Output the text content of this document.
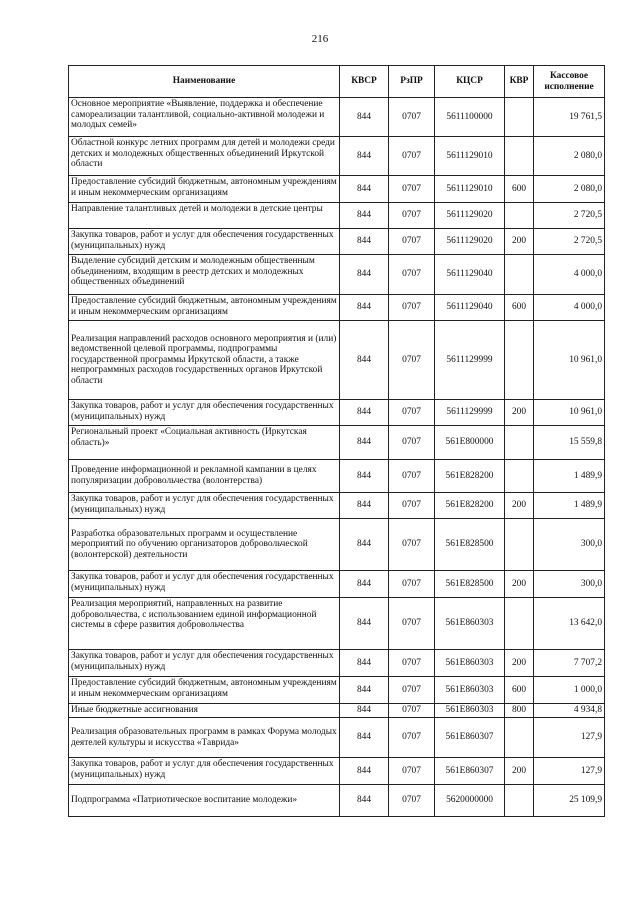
216
Наименование	КВСР	РзПР	КЦСР	КВР	Кассовое исполнение
Основное мероприятие «Выявление, поддержка и обеспечение самореализации талантливой, социально-активной молодежи и молодых семей»	844	0707	5611100000		19 761,5
Областной конкурс летних программ для детей и молодежи среди детских и молодежных общественных объединений Иркутской области	844	0707	5611129010		2 080,0
Предоставление субсидий бюджетным, автономным учреждениям и иным некоммерческим организациям	844	0707	5611129010	600	2 080,0
Направление талантливых детей и молодежи в детские центры	844	0707	5611129020		2 720,5
Закупка товаров, работ и услуг для обеспечения государственных (муниципальных) нужд	844	0707	5611129020	200	2 720,5
Выделение субсидий детским и молодежным общественным объединениям, входящим в реестр детских и молодежных общественных объединений	844	0707	5611129040		4 000,0
Предоставление субсидий бюджетным, автономным учреждениям и иным некоммерческим организациям	844	0707	5611129040	600	4 000,0
Реализация направлений расходов основного мероприятия и (или) ведомственной целевой программы, подпрограммы государственной программы Иркутской области, а также непрограммных расходов государственных органов Иркутской области	844	0707	5611129999		10 961,0
Закупка товаров, работ и услуг для обеспечения государственных (муниципальных) нужд	844	0707	5611129999	200	10 961,0
Региональный проект «Социальная активность (Иркутская область)»	844	0707	561E800000		15 559,8
Проведение информационной и рекламной кампании в целях популяризации добровольчества (волонтерства)	844	0707	561E828200		1 489,9
Закупка товаров, работ и услуг для обеспечения государственных (муниципальных) нужд	844	0707	561E828200	200	1 489,9
Разработка образовательных программ и осуществление мероприятий по обучению организаторов добровольческой (волонтерской) деятельности	844	0707	561E828500		300,0
Закупка товаров, работ и услуг для обеспечения государственных (муниципальных) нужд	844	0707	561E828500	200	300,0
Реализация мероприятий, направленных на развитие добровольчества, с использованием единой информационной системы в сфере развития добровольчества	844	0707	561E860303		13 642,0
Закупка товаров, работ и услуг для обеспечения государственных (муниципальных) нужд	844	0707	561E860303	200	7 707,2
Предоставление субсидий бюджетным, автономным учреждениям и иным некоммерческим организациям	844	0707	561E860303	600	1 000,0
Иные бюджетные ассигнования	844	0707	561E860303	800	4 934,8
Реализация образовательных программ в рамках Форума молодых деятелей культуры и искусства «Таврида»	844	0707	561E860307		127,9
Закупка товаров, работ и услуг для обеспечения государственных (муниципальных) нужд	844	0707	561E860307	200	127,9
Подпрограмма «Патриотическое воспитание молодежи»	844	0707	5620000000		25 109,9
